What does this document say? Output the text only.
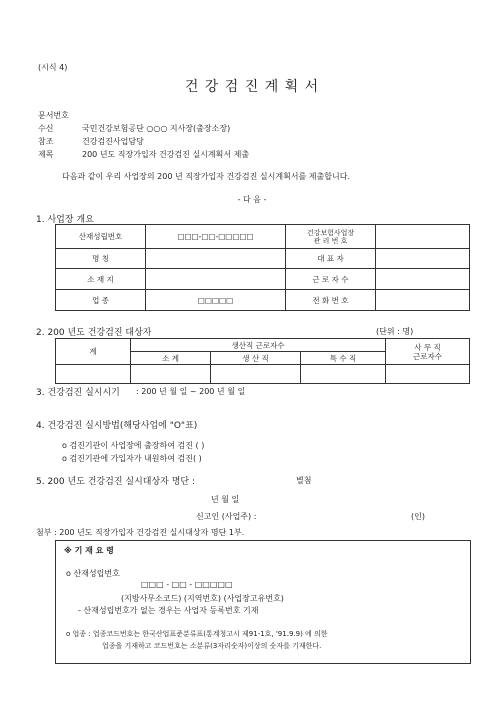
(시식 4)
건 강 검 진 계 획 서
문서번호
수신	국민건강보험공단 ○○○ 지사장(출장소장)
참조	건강검진사업담당
제목	200 년도 직장가입자 건강검진 실시계획서 제출
다음과 같이 우리 사업장의 200 년 직장가입자 건강검진 실시계획서를 제출합니다.
- 다 음 -
1. 사업장 개요
산재성립번호	□□□-□□-□□□□□	건강보험사업장
관 리 번 호	
명 칭		대 표 자	
소 재 지		근 로 자 수	
업 종	□□□□□	전 화 번 호	
2. 200 년도 건강검진 대상자	(단위 : 명)
계	생산직 근로자수			사 무 직
근로자수
	소 계	생 산 직	특 수 직	

3. 건강검진 실시시기 : 200 년 월 일 ~ 200 년 월 일
4. 건강검진 실시방법(해당사업에 "O"표)
o 검진기관이 사업장에 출장하여 검진 ( )
o 검진기관에 가입자가 내원하여 검진( )
5. 200 년도 건강검진 실시대상자 명단 :	별첨
년 월 일
신고인 (사업주) :	(인)
첨부 : 200 년도 직장가입자 건강검진 실시대상자 명단 1부.
※ 기 재 요 령
o 산재성립번호
□□□ - □□ - □□□□□
(지방사무소코드) (지역번호) (사업장고유번호)
- 산재성립번호가 없는 경우는 사업자 등록번호 기재
o 업종 : 업종코드번호는 한국산업표준분류표(통계청고시 제91-1호, '91.9.9) 에 의한
업종을 기재하고 코드번호는 소분류(3자리숫자)이상의 숫자를 기재한다.
